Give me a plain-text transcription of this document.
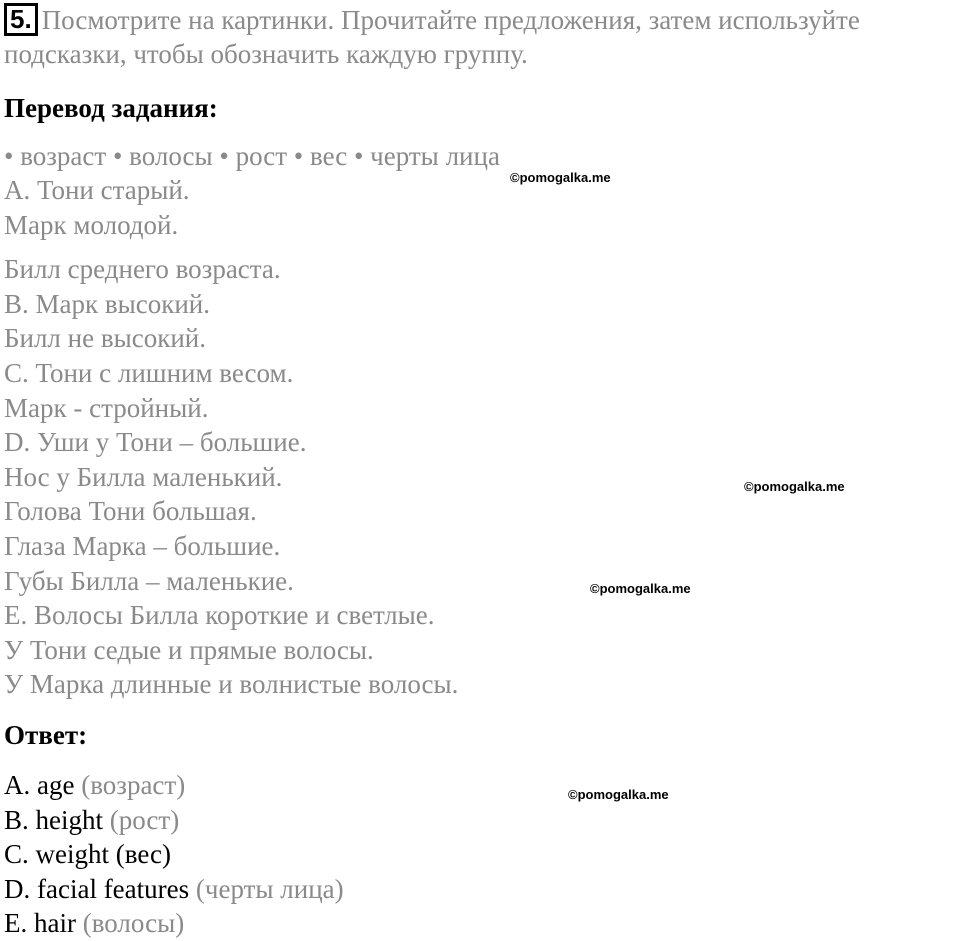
5. Посмотрите на картинки. Прочитайте предложения, затем используйте подсказки, чтобы обозначить каждую группу.
Перевод задания:
• возраст • волосы • рост • вес • черты лица
A. Тони старый.
Марк молодой.
Билл среднего возраста.
B. Марк высокий.
Билл не высокий.
C. Тони с лишним весом.
Марк - стройный.
D. Уши у Тони – большие.
Нос у Билла маленький.
Голова Тони большая.
Глаза Марка – большие.
Губы Билла – маленькие.
E. Волосы Билла короткие и светлые.
У Тони седые и прямые волосы.
У Марка длинные и волнистые волосы.
Ответ:
A. age (возраст)
B. height (рост)
C. weight (вес)
D. facial features (черты лица)
E. hair (волосы)
©pomogalka.me
©pomogalka.me
©pomogalka.me
©pomogalka.me
